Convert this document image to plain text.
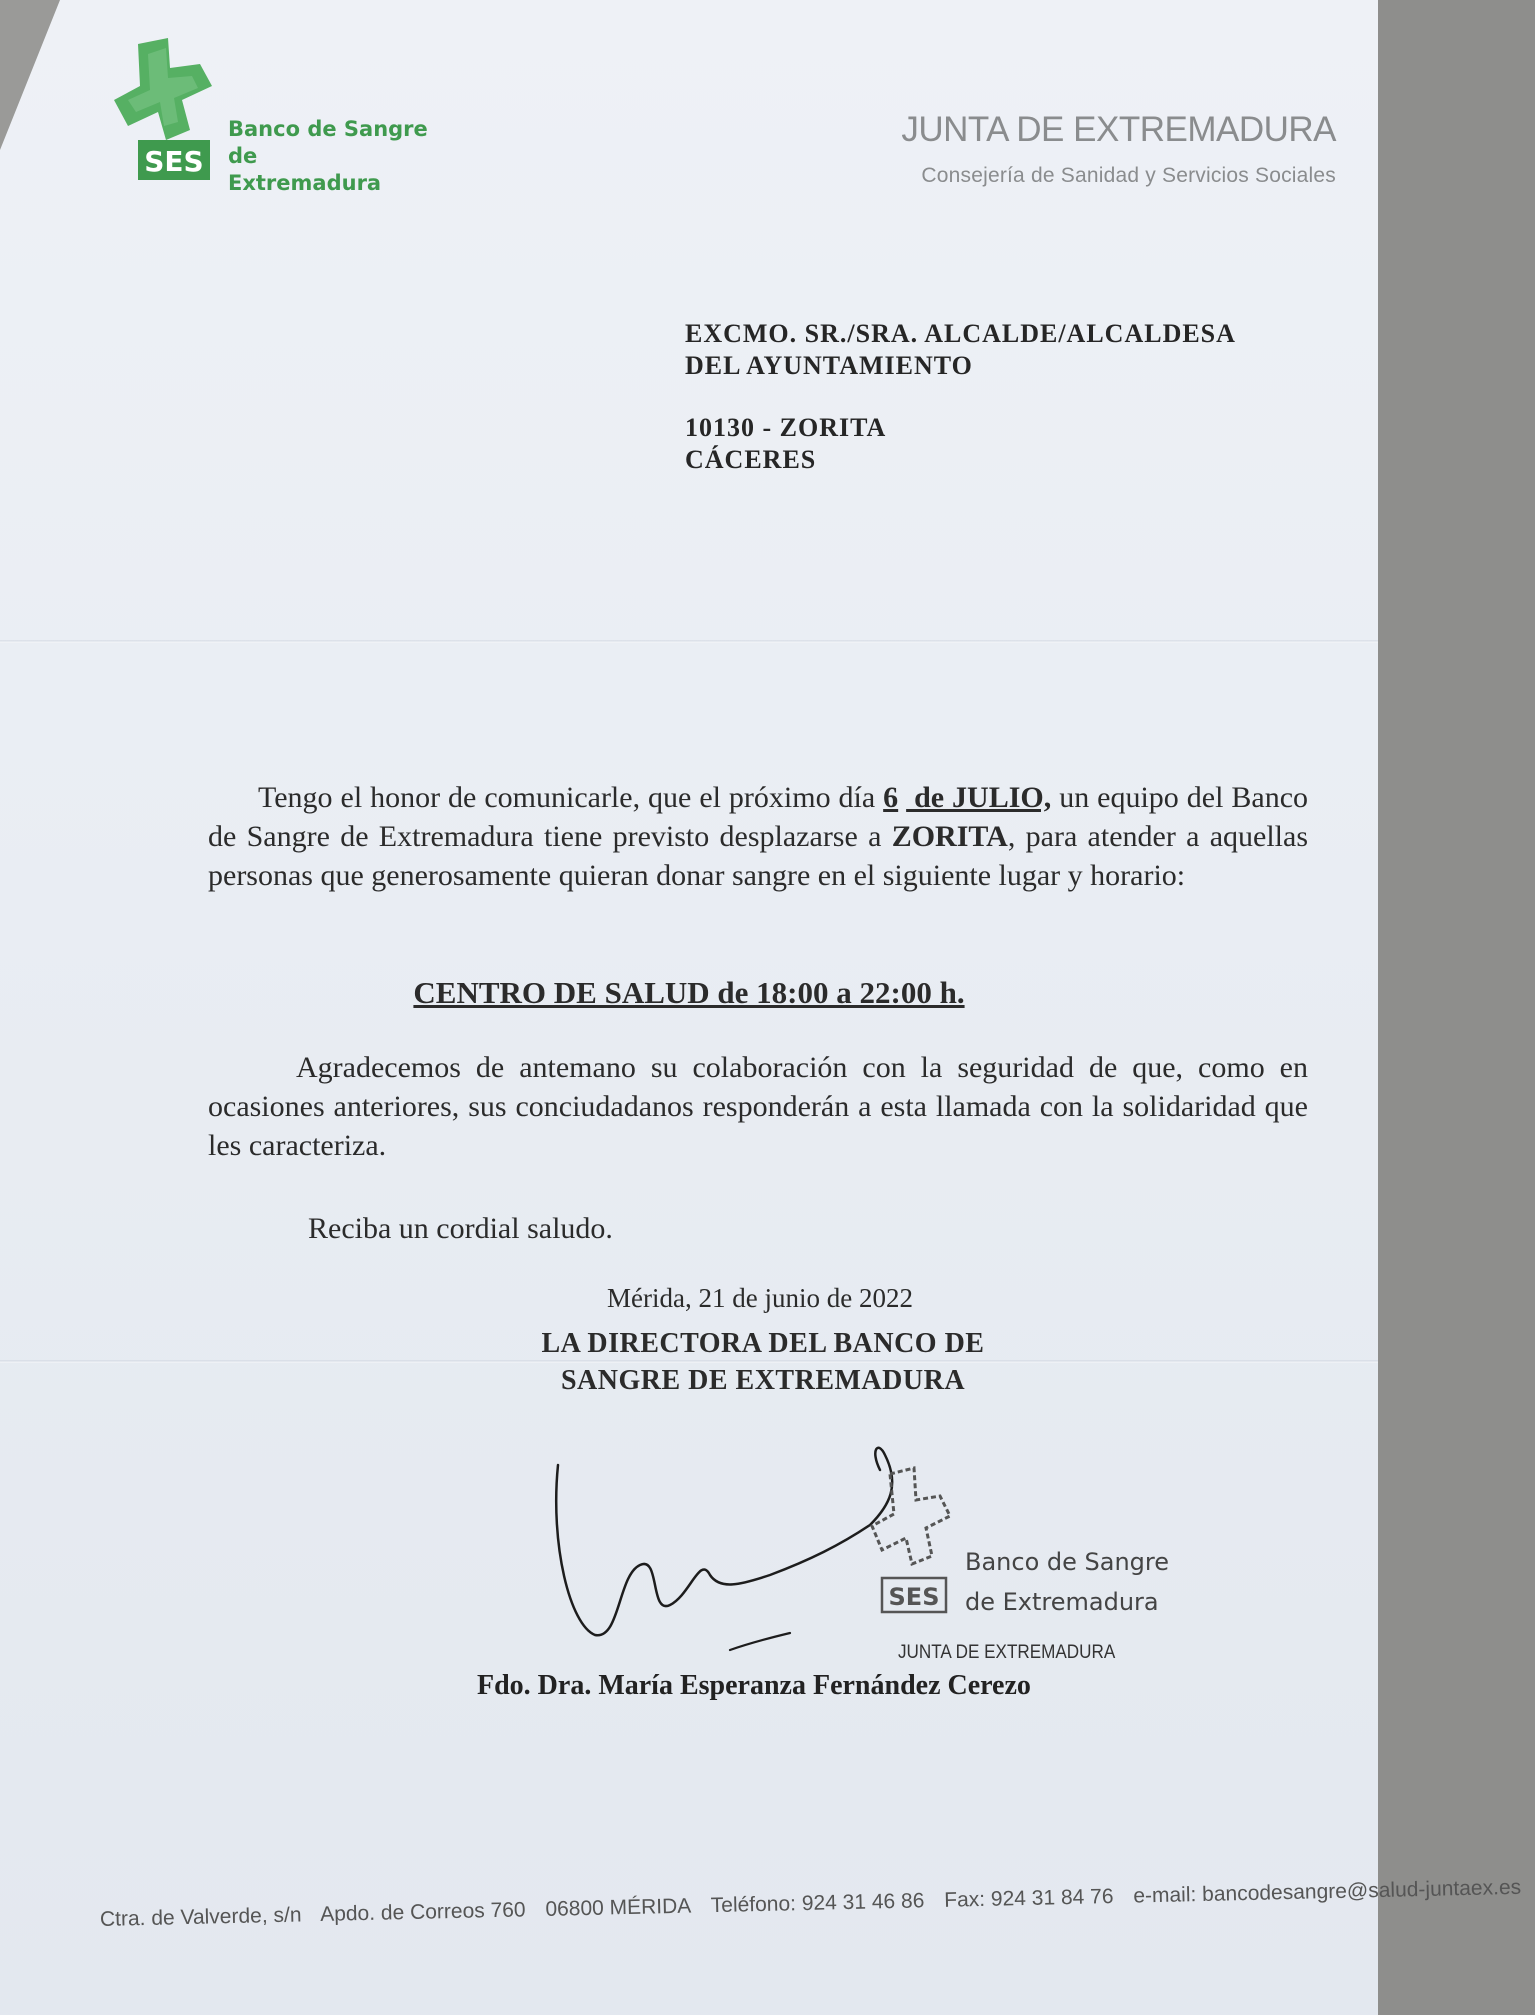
SES
Banco de Sangre
de
Extremadura
JUNTA DE EXTREMADURA
Consejería de Sanidad y Servicios Sociales

EXCMO. SR./SRA. ALCALDE/ALCALDESA

DEL AYUNTAMIENTO

10130 - ZORITA

CÁCERES

Tengo el honor de comunicarle, que el próximo día 6  de JULIO, un equipo del Banco de Sangre de Extremadura tiene previsto desplazarse a ZORITA, para atender a aquellas personas que generosamente quieran donar sangre en el siguiente lugar y horario:
CENTRO DE SALUD de 18:00 a 22:00 h.
Agradecemos de antemano su colaboración con la seguridad de que, como en ocasiones anteriores, sus conciudadanos responderán a esta llamada con la solidaridad que les caracteriza.
Reciba un cordial saludo.
Mérida, 21 de junio de 2022

LA DIRECTORA DEL BANCO DE

SANGRE DE EXTREMADURA

SES

Banco de Sangre

de Extremadura

JUNTA DE EXTREMADURA
Fdo. Dra. María Esperanza Fernández Cerezo
Ctra. de Valverde, s/n Apdo. de Correos 760 06800 MÉRIDA Teléfono: 924 31 46 86 Fax: 924 31 84 76 e-mail: bancodesangre@salud-juntaex.es
